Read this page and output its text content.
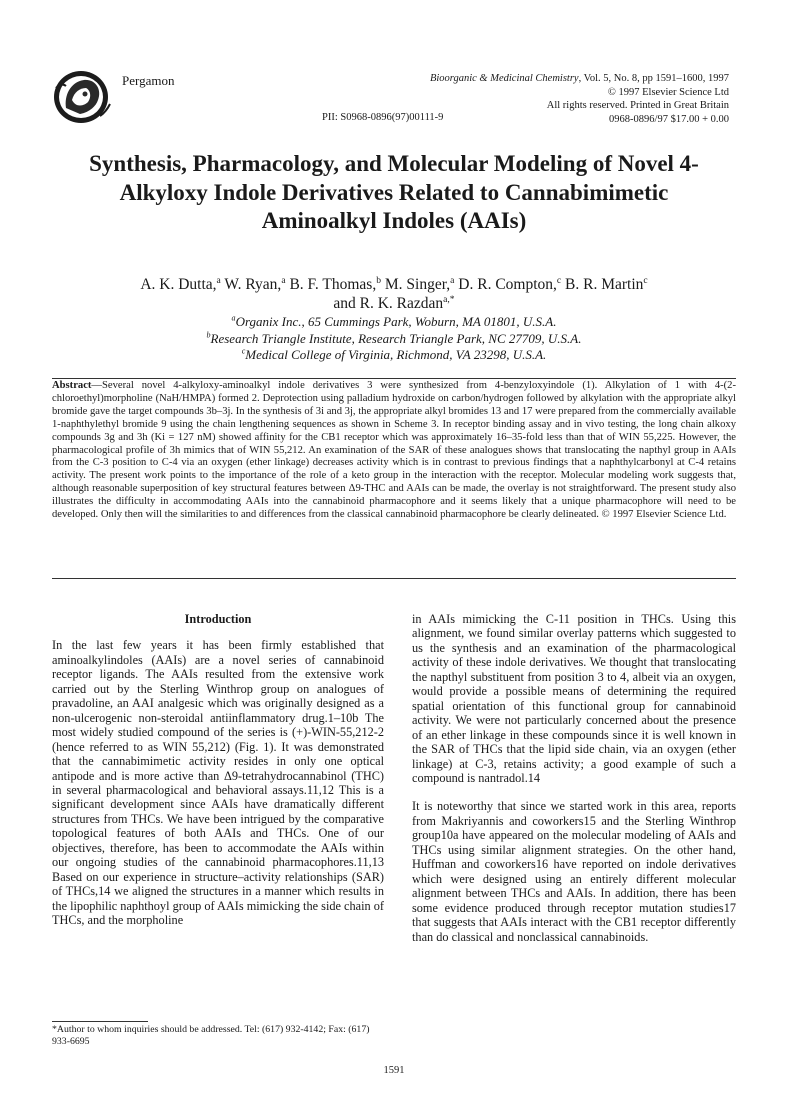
Pergamon	Bioorganic & Medicinal Chemistry, Vol. 5, No. 8, pp 1591–1600, 1997
© 1997 Elsevier Science Ltd
All rights reserved. Printed in Great Britain
0968-0896/97 $17.00 + 0.00
PII: S0968-0896(97)00111-9
Synthesis, Pharmacology, and Molecular Modeling of Novel 4-Alkyloxy Indole Derivatives Related to Cannabimimetic Aminoalkyl Indoles (AAIs)
A. K. Dutta,$^a$ W. Ryan,$^a$ B. F. Thomas,$^b$ M. Singer,$^a$ D. R. Compton,$^c$ B. R. Martin$^c$
and R. K. Razdan$^{a,*}$
$^a$Organix Inc., 65 Cummings Park, Woburn, MA 01801, U.S.A.
$^b$Research Triangle Institute, Research Triangle Park, NC 27709, U.S.A.
$^c$Medical College of Virginia, Richmond, VA 23298, U.S.A.
Abstract—Several novel 4-alkyloxy-aminoalkyl indole derivatives 3 were synthesized from 4-benzyloxyindole (1). Alkylation of 1 with 4-(2-chloroethyl)morpholine (NaH/HMPA) formed 2. Deprotection using palladium hydroxide on carbon/hydrogen followed by alkylation with the appropriate alkyl bromide gave the target compounds 3b–3j. In the synthesis of 3i and 3j, the appropriate alkyl bromides 13 and 17 were prepared from the commercially available 1-naphthylethyl bromide 9 using the chain lengthening sequences as shown in Scheme 3. In receptor binding assay and in vivo testing, the long chain alkoxy compounds 3g and 3h (Ki = 127 nM) showed affinity for the CB1 receptor which was approximately 16–35-fold less than that of WIN 55,225. However, the pharmacological profile of 3h mimics that of WIN 55,212. An examination of the SAR of these analogues shows that translocating the napthyl group in AAIs from the C-3 position to C-4 via an oxygen (ether linkage) decreases activity which is in contrast to previous findings that a naphthylcarbonyl at C-4 retains activity. The present work points to the importance of the role of a keto group in the interaction with the receptor. Molecular modeling work suggests that, although reasonable superposition of key structural features between Δ9-THC and AAIs can be made, the overlay is not straightforward. The present study also illustrates the difficulty in accommodating AAIs into the cannabinoid pharmacophore and it seems likely that a unique pharmacophore will need to be developed. Only then will the similarities to and differences from the classical cannabinoid pharmacophore be clearly delineated. © 1997 Elsevier Science Ltd.
Introduction

In the last few years it has been firmly established that aminoalkylindoles (AAIs) are a novel series of cannabinoid receptor ligands. The AAIs resulted from the extensive work carried out by the Sterling Winthrop group on analogues of pravadoline, an AAI analgesic which was originally designed as a non-ulcerogenic non-steroidal antiinflammatory drug.1–10b The most widely studied compound of the series is (+)-WIN-55,212-2 (hence referred to as WIN 55,212) (Fig. 1). It was demonstrated that the cannabimimetic activity resides in only one optical antipode and is more active than Δ9-tetrahydrocannabinol (THC) in several pharmacological and behavioral assays.11,12 This is a significant development since AAIs have dramatically different structures from THCs. We have been intrigued by the comparative topological features of both AAIs and THCs. One of our objectives, therefore, has been to accommodate the AAIs within our ongoing studies of the cannabinoid pharmacophores.11,13 Based on our experience in structure–activity relationships (SAR) of THCs,14 we aligned the structures in a manner which results in the lipophilic naphthoyl group of AAIs mimicking the side chain of THCs, and the morpholine

in AAIs mimicking the C-11 position in THCs. Using this alignment, we found similar overlay patterns which suggested to us the synthesis and an examination of the pharmacological activity of these indole derivatives. We thought that translocating the napthyl substituent from position 3 to 4, albeit via an oxygen, would provide a possible means of determining the required spatial orientation of this functional group for cannabinoid activity. We were not particularly concerned about the presence of an ether linkage in these compounds since it is well known in the SAR of THCs that the lipid side chain, via an oxygen (ether linkage) at C-3, retains activity; a good example of such a compound is nantradol.14

It is noteworthy that since we started work in this area, reports from Makriyannis and coworkers15 and the Sterling Winthrop group10a have appeared on the molecular modeling of AAIs and THCs using similar alignment strategies. On the other hand, Huffman and coworkers16 have reported on indole derivatives which were designed using an entirely different molecular alignment between THCs and AAIs. In addition, there has been some evidence produced through receptor mutation studies17 that suggests that AAIs interact with the CB1 receptor differently than do classical and nonclassical cannabinoids.

*Author to whom inquiries should be addressed. Tel: (617) 932-4142; Fax: (617) 933-6695
1591
